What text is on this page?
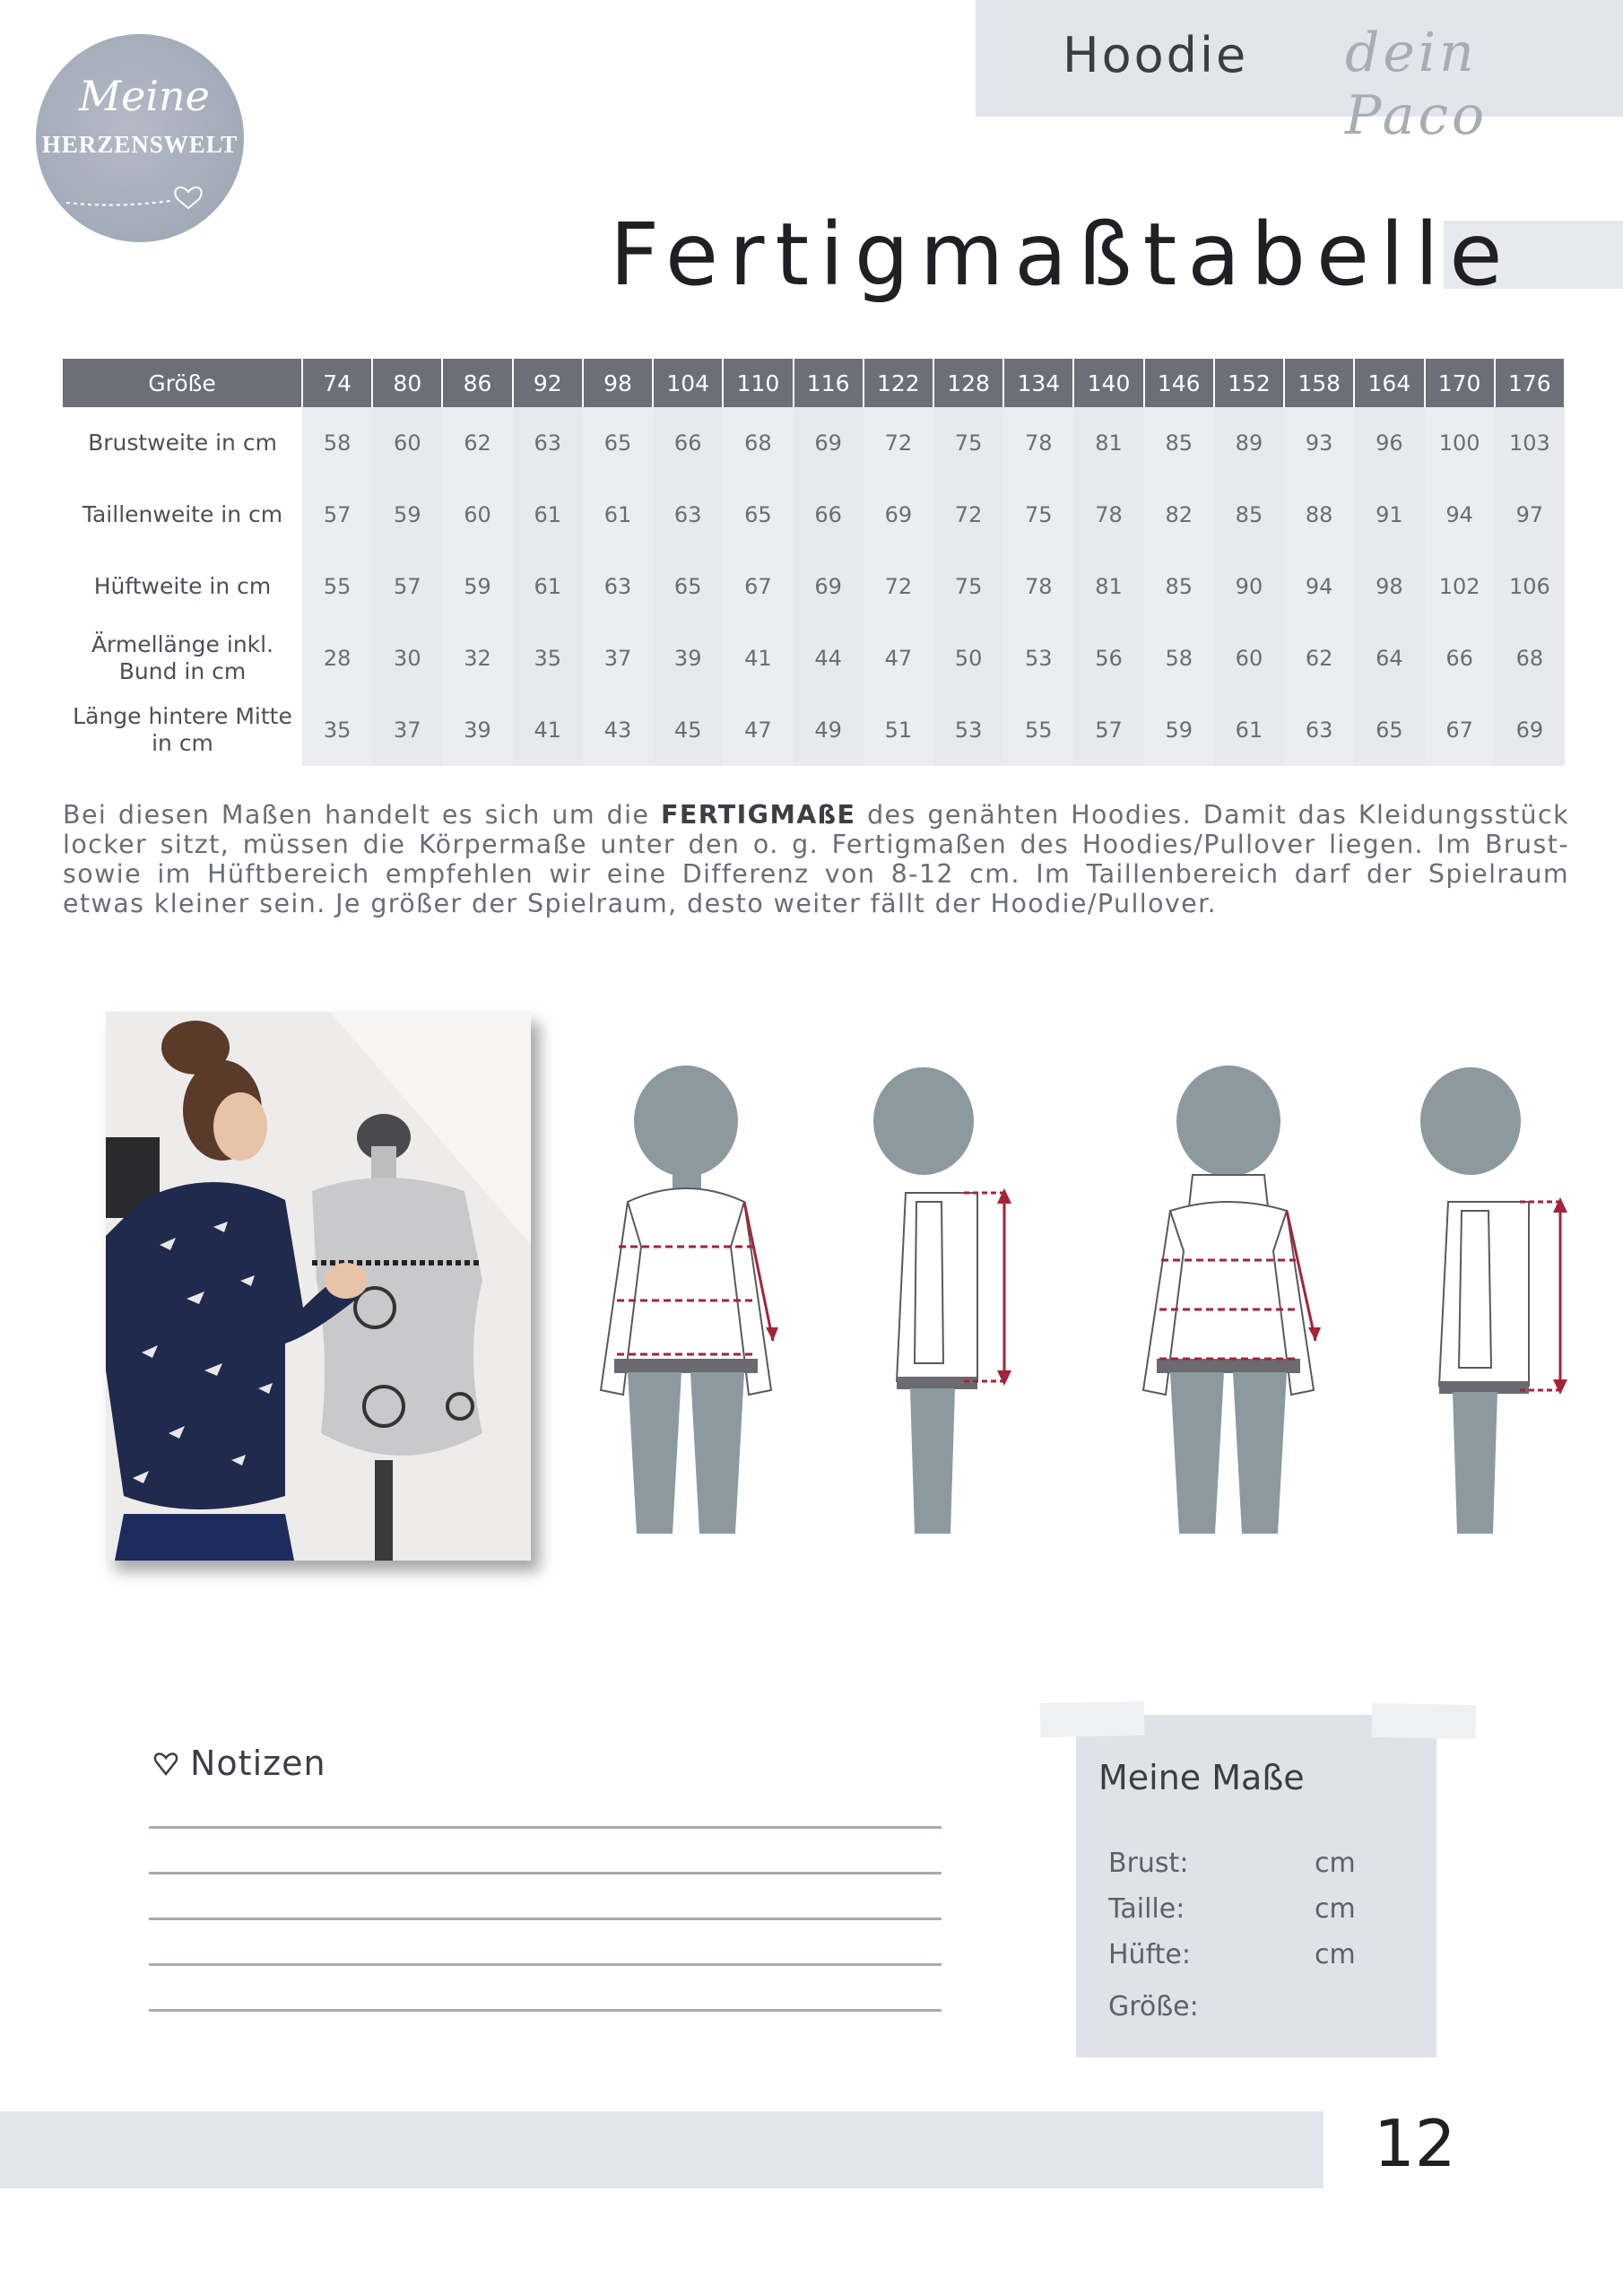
Hoodie dein Paco
Meine
HERZENSWELT
Fertigmaßtabelle
Größe	74	80	86	92	98	104	110	116	122	128	134	140	146	152	158	164	170	176
Brustweite in cm	58	60	62	63	65	66	68	69	72	75	78	81	85	89	93	96	100	103
Taillenweite in cm	57	59	60	61	61	63	65	66	69	72	75	78	82	85	88	91	94	97
Hüftweite in cm	55	57	59	61	63	65	67	69	72	75	78	81	85	90	94	98	102	106
Ärmellänge inkl. Bund in cm	28	30	32	35	37	39	41	44	47	50	53	56	58	60	62	64	66	68
Länge hintere Mitte in cm	35	37	39	41	43	45	47	49	51	53	55	57	59	61	63	65	67	69
Bei diesen Maßen handelt es sich um die FERTIGMAßE des genähten Hoodies. Damit das Kleidungsstück locker sitzt, müssen die Körpermaße unter den o. g. Fertigmaßen des Hoodies/Pullover liegen. Im Brust- sowie im Hüftbereich empfehlen wir eine Differenz von 8-12 cm. Im Taillenbereich darf der Spielraum etwas kleiner sein. Je größer der Spielraum, desto weiter fällt der Hoodie/Pullover.
Notizen	Meine Maße
Brust:	cm
Taille:	cm
Hüfte:	cm
Größe:
12
